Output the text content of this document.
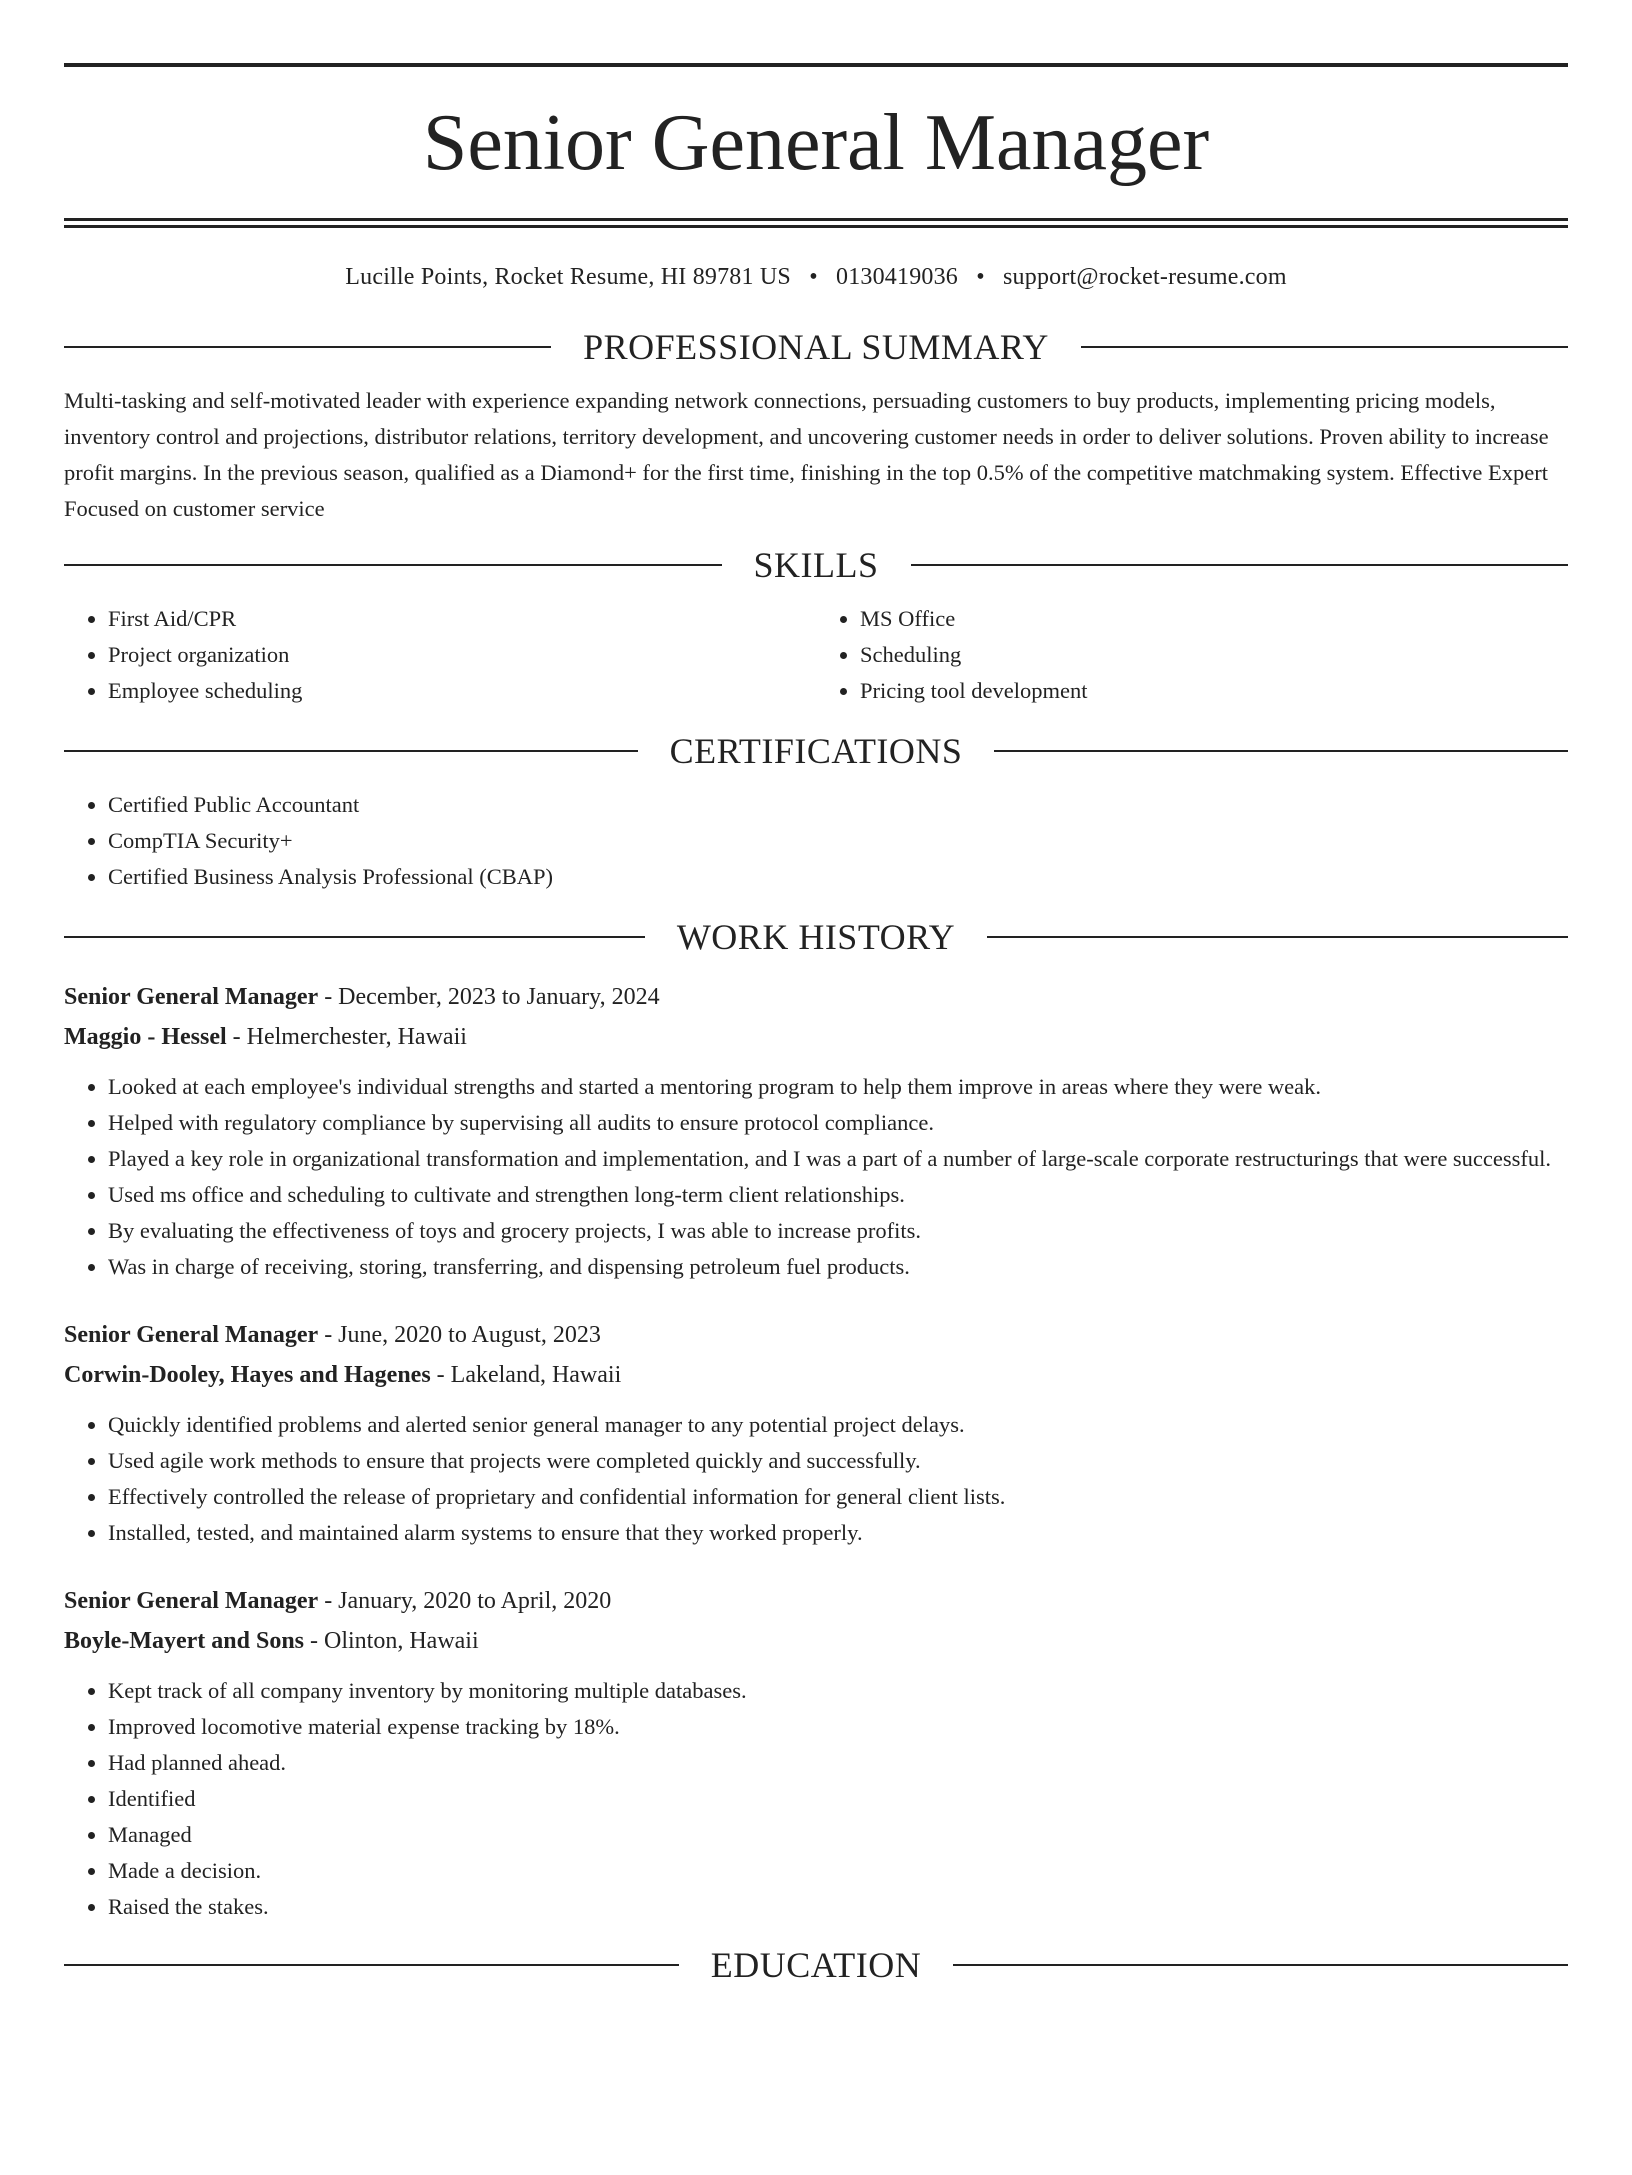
Senior General Manager
Lucille Points, Rocket Resume, HI 89781 US • 0130419036 • support@rocket-resume.com
PROFESSIONAL SUMMARY
Multi-tasking and self-motivated leader with experience expanding network connections, persuading customers to buy products, implementing pricing models, inventory control and projections, distributor relations, territory development, and uncovering customer needs in order to deliver solutions. Proven ability to increase profit margins. In the previous season, qualified as a Diamond+ for the first time, finishing in the top 0.5% of the competitive matchmaking system. Effective Expert Focused on customer service
SKILLS
• First Aid/CPR
• Project organization
• Employee scheduling
• MS Office
• Scheduling
• Pricing tool development
CERTIFICATIONS
• Certified Public Accountant
• CompTIA Security+
• Certified Business Analysis Professional (CBAP)
WORK HISTORY
Senior General Manager - December, 2023 to January, 2024
Maggio - Hessel - Helmerchester, Hawaii
• Looked at each employee's individual strengths and started a mentoring program to help them improve in areas where they were weak.
• Helped with regulatory compliance by supervising all audits to ensure protocol compliance.
• Played a key role in organizational transformation and implementation, and I was a part of a number of large-scale corporate restructurings that were successful.
• Used ms office and scheduling to cultivate and strengthen long-term client relationships.
• By evaluating the effectiveness of toys and grocery projects, I was able to increase profits.
• Was in charge of receiving, storing, transferring, and dispensing petroleum fuel products.
Senior General Manager - June, 2020 to August, 2023
Corwin-Dooley, Hayes and Hagenes - Lakeland, Hawaii
• Quickly identified problems and alerted senior general manager to any potential project delays.
• Used agile work methods to ensure that projects were completed quickly and successfully.
• Effectively controlled the release of proprietary and confidential information for general client lists.
• Installed, tested, and maintained alarm systems to ensure that they worked properly.
Senior General Manager - January, 2020 to April, 2020
Boyle-Mayert and Sons - Olinton, Hawaii
• Kept track of all company inventory by monitoring multiple databases.
• Improved locomotive material expense tracking by 18%.
• Had planned ahead.
• Identified
• Managed
• Made a decision.
• Raised the stakes.
EDUCATION
